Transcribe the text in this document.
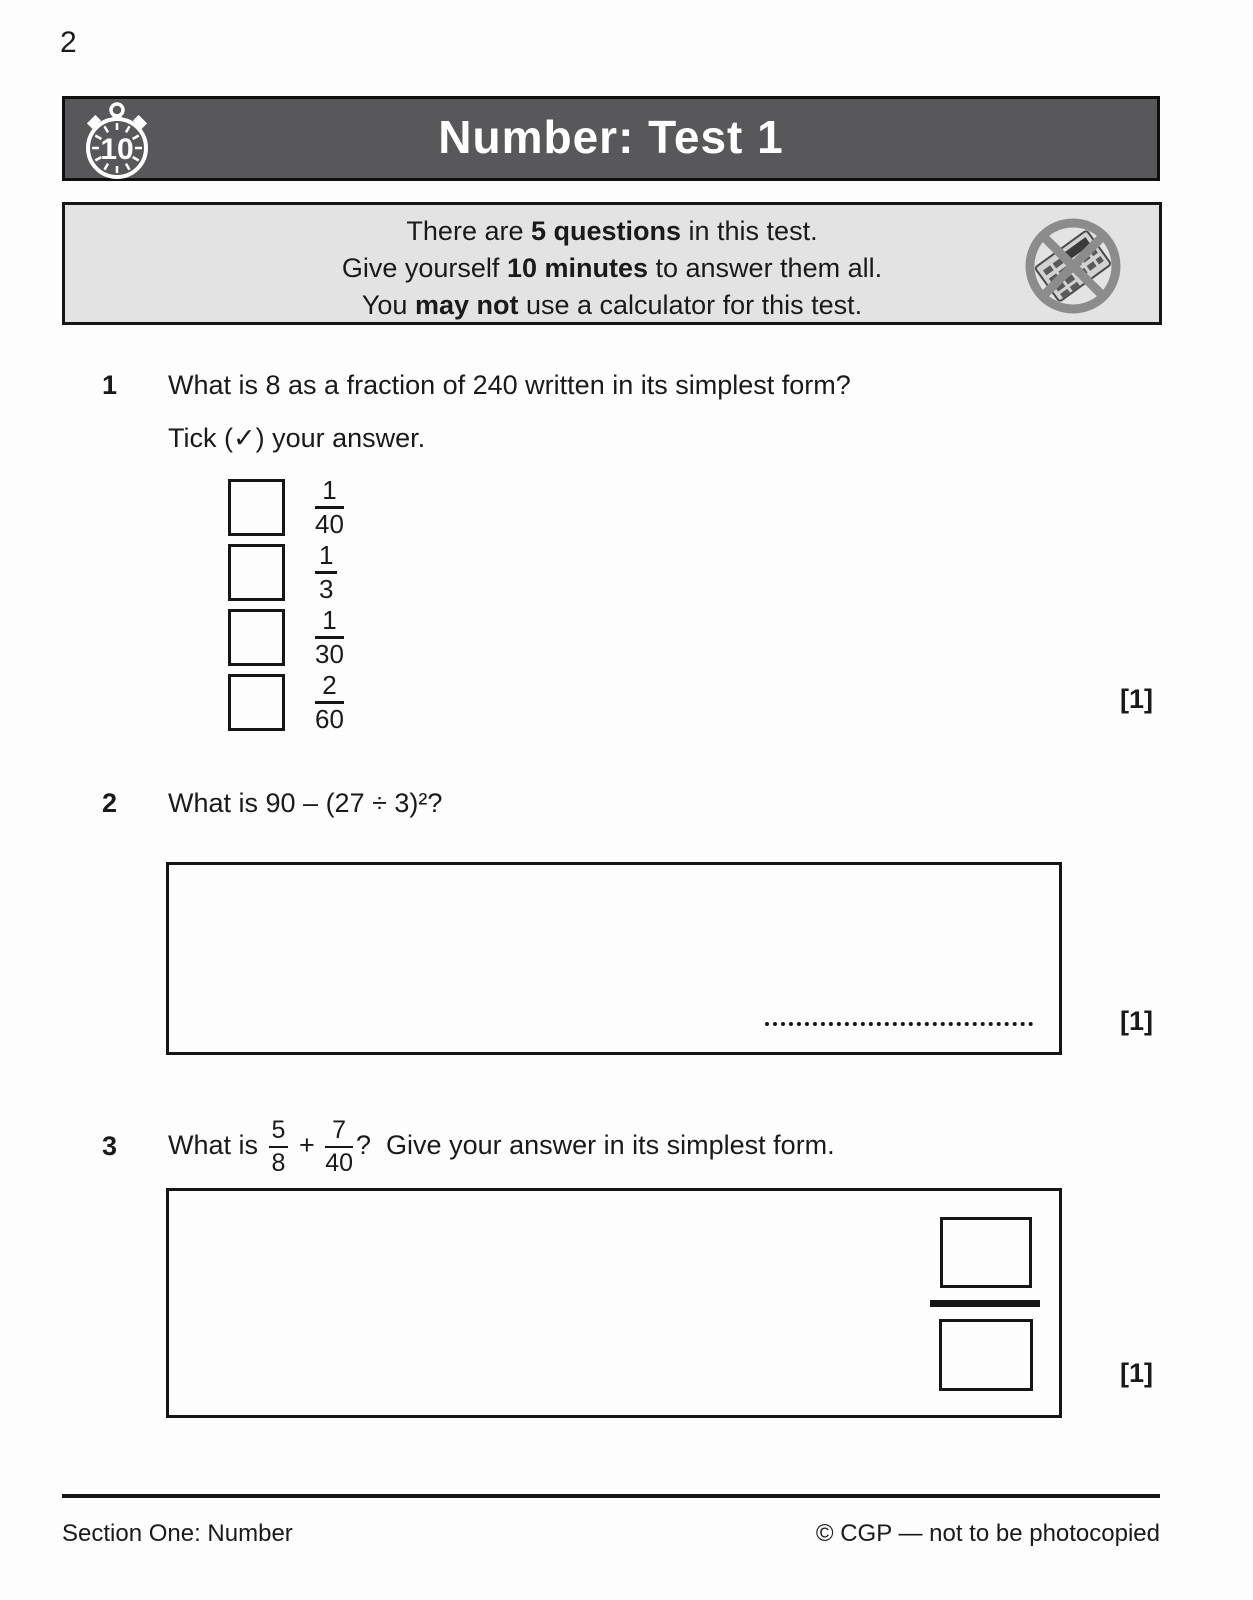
2
10	Number: Test 1
There are 5 questions in this test.
Give yourself 10 minutes to answer them all.
You may not use a calculator for this test.
1 What is 8 as a fraction of 240 written in its simplest form?
Tick (✓) your answer.
$\frac{1}{40}$
$\frac{1}{3}$
$\frac{1}{30}$
$\frac{2}{60}$	[1]
2 What is 90 – (27 ÷ 3)²?
[1]
3 What is $\frac{5}{8} + \frac{7}{40}$ ?  Give your answer in its simplest form.
[1]
Section One: Number	© CGP — not to be photocopied
